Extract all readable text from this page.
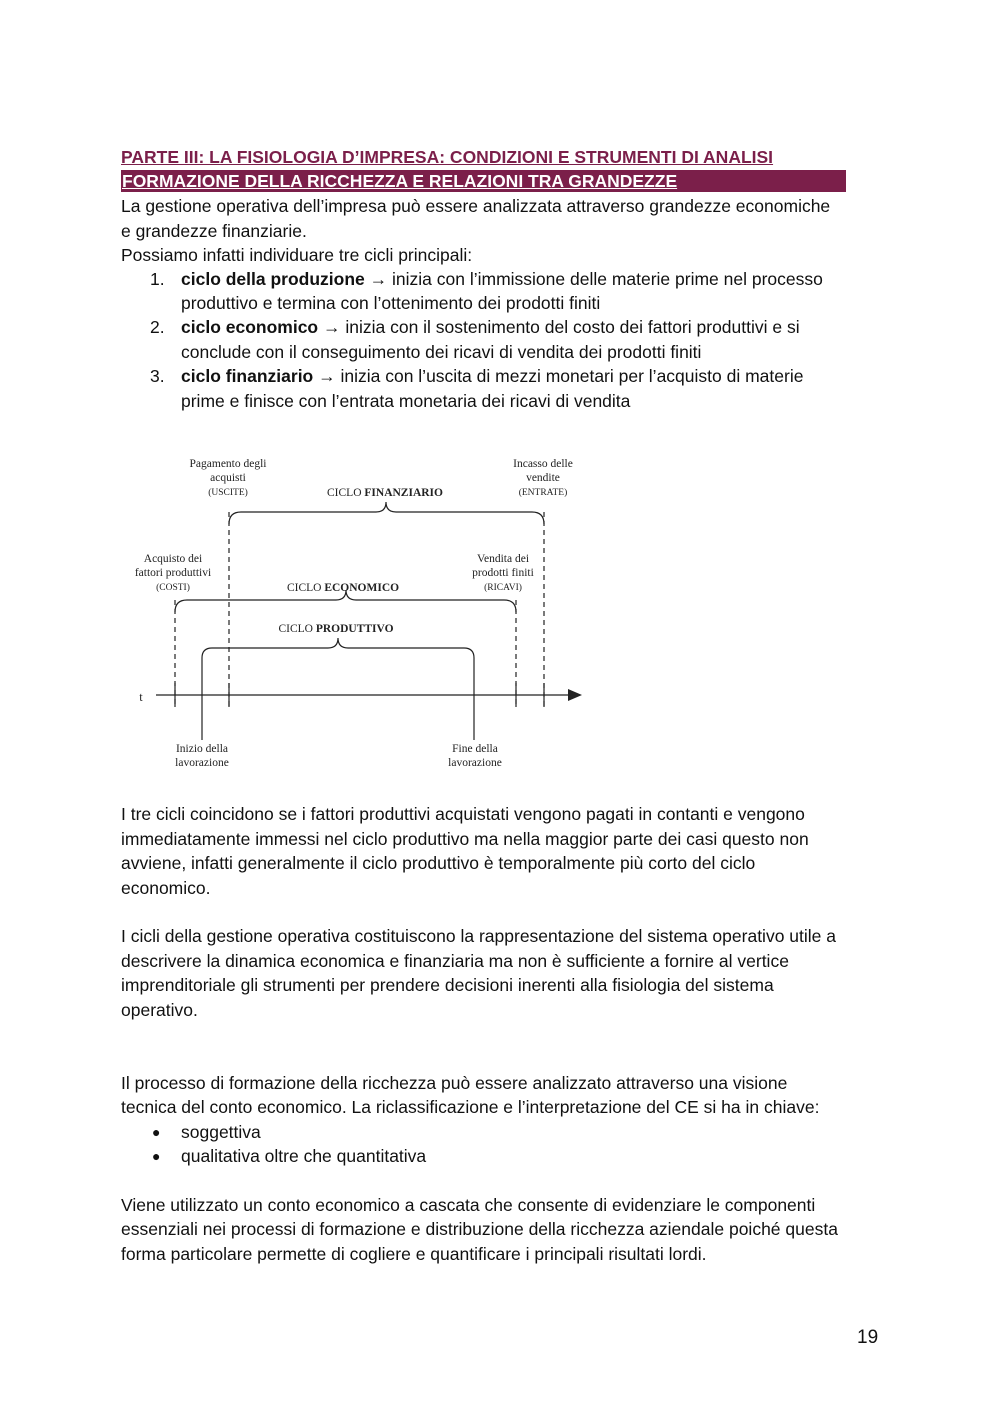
PARTE III: LA FISIOLOGIA D’IMPRESA: CONDIZIONI E STRUMENTI DI ANALISI
FORMAZIONE DELLA RICCHEZZA E RELAZIONI TRA GRANDEZZE
La gestione operativa dell’impresa può essere analizzata attraverso grandezze economiche
e grandezze finanziarie.
Possiamo infatti individuare tre cicli principali:
1. ciclo della produzione → inizia con l’immissione delle materie prime nel processo
produttivo e termina con l’ottenimento dei prodotti finiti
2. ciclo economico → inizia con il sostenimento del costo dei fattori produttivi e si
conclude con il conseguimento dei ricavi di vendita dei prodotti finiti
3. ciclo finanziario → inizia con l’uscita di mezzi monetari per l’acquisto di materie
prime e finisce con l’entrata monetaria dei ricavi di vendita
Pagamento degli
acquisti
(USCITE)
Incasso delle
vendite
(ENTRATE)
CICLO FINANZIARIO
Acquisto dei
fattori produttivi
(COSTI)
Vendita dei
prodotti finiti
(RICAVI)
CICLO ECONOMICO
CICLO PRODUTTIVO
t
Inizio della
lavorazione
Fine della
lavorazione
I tre cicli coincidono se i fattori produttivi acquistati vengono pagati in contanti e vengono
immediatamente immessi nel ciclo produttivo ma nella maggior parte dei casi questo non
avviene, infatti generalmente il ciclo produttivo è temporalmente più corto del ciclo
economico.
I cicli della gestione operativa costituiscono la rappresentazione del sistema operativo utile a
descrivere la dinamica economica e finanziaria ma non è sufficiente a fornire al vertice
imprenditoriale gli strumenti per prendere decisioni inerenti alla fisiologia del sistema
operativo.
Il processo di formazione della ricchezza può essere analizzato attraverso una visione
tecnica del conto economico. La riclassificazione e l’interpretazione del CE si ha in chiave:
● soggettiva
● qualitativa oltre che quantitativa
Viene utilizzato un conto economico a cascata che consente di evidenziare le componenti
essenziali nei processi di formazione e distribuzione della ricchezza aziendale poiché questa
forma particolare permette di cogliere e quantificare i principali risultati lordi.
19
